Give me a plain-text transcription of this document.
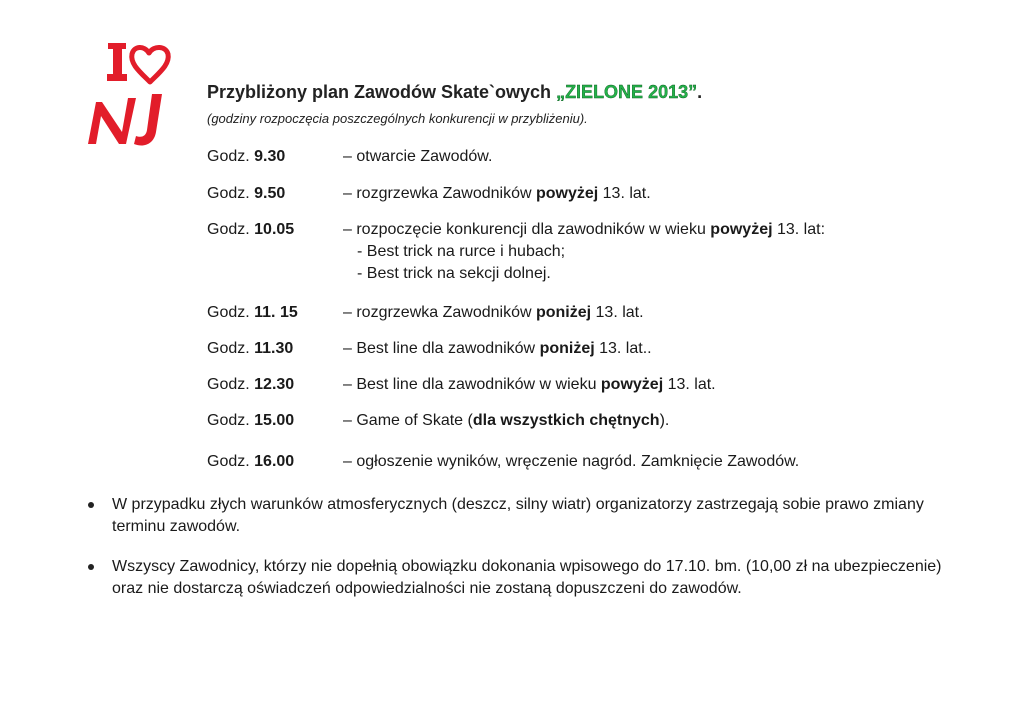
Przybliżony plan Zawodów Skate`owych „ZIELONE 2013”.
(godziny rozpoczęcia poszczególnych konkurencji w przybliżeniu).
Godz. 9.30	– otwarcie Zawodów.
Godz. 9.50	– rozgrzewka Zawodników powyżej 13. lat.
Godz. 10.05	– rozpoczęcie konkurencji dla zawodników w wieku powyżej 13. lat:
- Best trick na rurce i hubach;
- Best trick na sekcji dolnej.
Godz. 11. 15	– rozgrzewka Zawodników poniżej 13. lat.
Godz. 11.30	– Best line dla zawodników poniżej 13. lat..
Godz. 12.30	– Best line dla zawodników w wieku powyżej 13. lat.
Godz. 15.00	– Game of Skate (dla wszystkich chętnych).
Godz. 16.00	– ogłoszenie wyników, wręczenie nagród. Zamknięcie Zawodów.
W przypadku złych warunków atmosferycznych (deszcz, silny wiatr) organizatorzy zastrzegają sobie prawo zmiany terminu zawodów.
Wszyscy Zawodnicy, którzy nie dopełnią obowiązku dokonania wpisowego do 17.10. bm. (10,00 zł na ubezpieczenie) oraz nie dostarczą oświadczeń odpowiedzialności nie zostaną dopuszczeni do zawodów.
